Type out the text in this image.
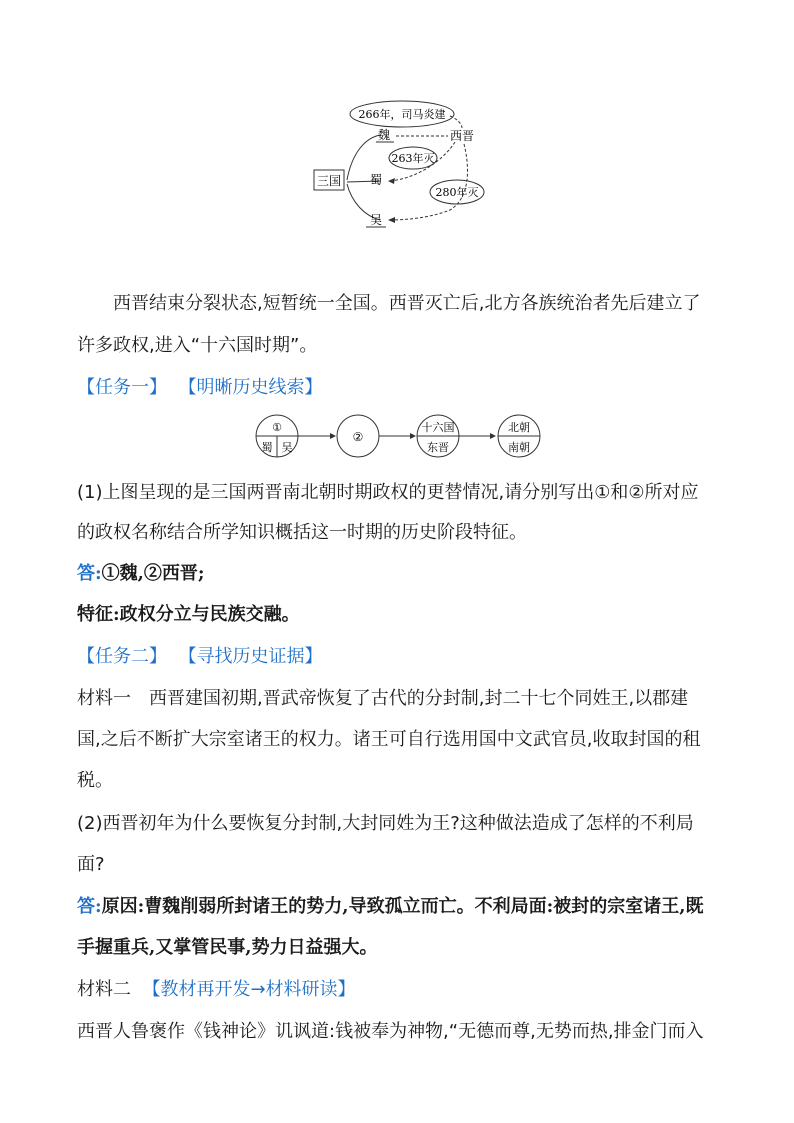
三国
266年，司马炎建
魏	西晋
263年灭
蜀
280年灭
吴
西晋结束分裂状态,短暂统一全国。西晋灭亡后,北方各族统治者先后建立了
许多政权,进入“十六国时期”。
【任务一】 【明晰历史线索】
①
蜀 吴
②
十六国
东晋
北朝
南朝
(1)上图呈现的是三国两晋南北朝时期政权的更替情况,请分别写出①和②所对应
的政权名称结合所学知识概括这一时期的历史阶段特征。
答:①魏,②西晋;
特征:政权分立与民族交融。
【任务二】 【寻找历史证据】
材料一　西晋建国初期,晋武帝恢复了古代的分封制,封二十七个同姓王,以郡建
国,之后不断扩大宗室诸王的权力。诸王可自行选用国中文武官员,收取封国的租
税。
(2)西晋初年为什么要恢复分封制,大封同姓为王?这种做法造成了怎样的不利局
面?
答:原因:曹魏削弱所封诸王的势力,导致孤立而亡。不利局面:被封的宗室诸王,既
手握重兵,又掌管民事,势力日益强大。
材料二 【教材再开发→材料研读】
西晋人鲁褒作《钱神论》讥讽道:钱被奉为神物,“无德而尊,无势而热,排金门而入
